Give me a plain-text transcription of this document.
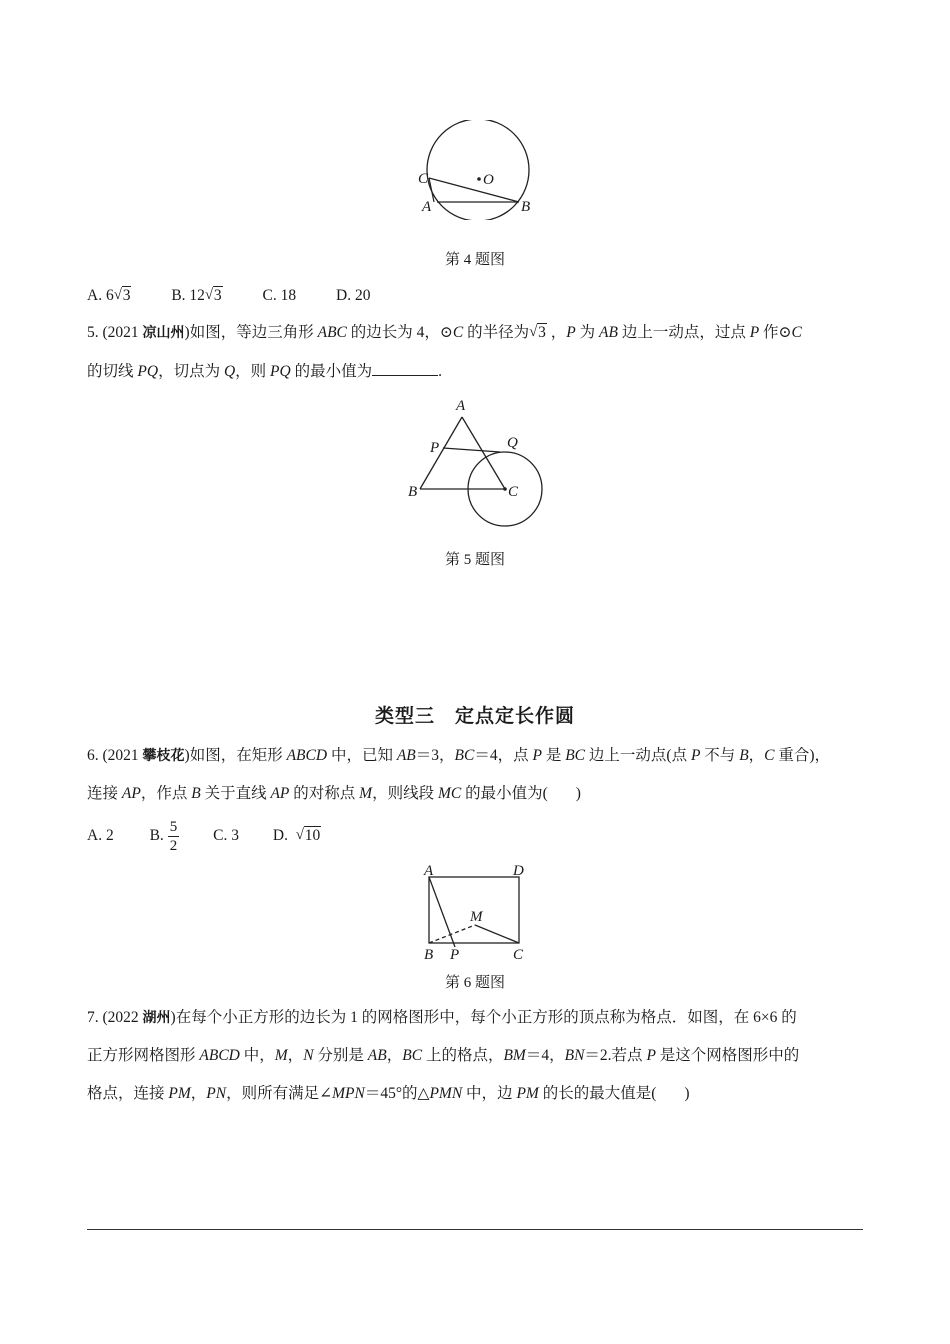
C	O
A	B
第 4 题图
A. 6 √ 3	B. 12 √ 3	C. 18	D. 20
5. (2021 凉山州)如图，等边三角形 ABC 的边长为 4，⊙C 的半径为 √ 3 ，P 为 AB 边上一动点，过点 P 作⊙C
的切线 PQ，切点为 Q，则 PQ 的最小值为	.
A
P	Q
B	C
第 5 题图
类型三　定点定长作圆
6. (2021 攀枝花)如图，在矩形 ABCD 中，已知 AB＝3，BC＝4，点 P 是 BC 边上一动点(点 P 不与 B，C 重合)，
连接 AP，作点 B 关于直线 AP 的对称点 M，则线段 MC 的最小值为( )
A. 2 B. $\frac{5}{2} C$. 3 D. √ 10
A	D
M
B P	C
第 6 题图
7. (2022 湖州)在每个小正方形的边长为 1 的网格图形中，每个小正方形的顶点称为格点．如图，在 6×6 的
正方形网格图形 ABCD 中，M，N 分别是 AB，BC 上的格点，BM＝4，BN＝2.若点 P 是这个网格图形中的
格点，连接 PM，PN，则所有满足∠MPN＝45°的△PMN 中，边 PM 的长的最大值是( )
